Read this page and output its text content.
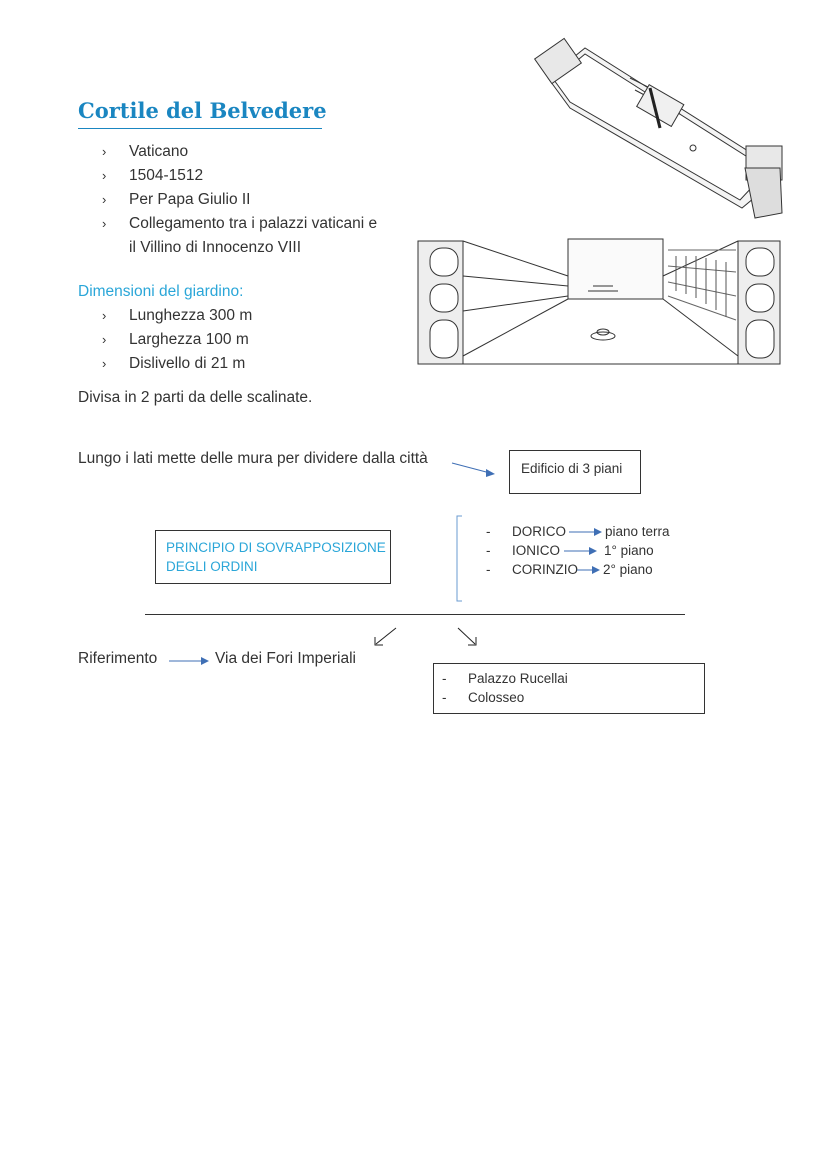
Cortile del Belvedere
› Vaticano
› 1504-1512
› Per Papa Giulio II
› Collegamento tra i palazzi vaticani e
il Villino di Innocenzo VIII
Dimensioni del giardino:
› Lunghezza 300 m
› Larghezza 100 m
› Dislivello di 21 m
Divisa in 2 parti da delle scalinate.
Lungo i lati mette delle mura per dividere dalla città
Edificio di 3 piani
PRINCIPIO DI SOVRAPPOSIZIONE
DEGLI ORDINI
- DORICO	piano terra
- IONICO	1° piano
- CORINZIO 2° piano
Riferimento	Via dei Fori Imperiali
- Palazzo Rucellai
- Colosseo
